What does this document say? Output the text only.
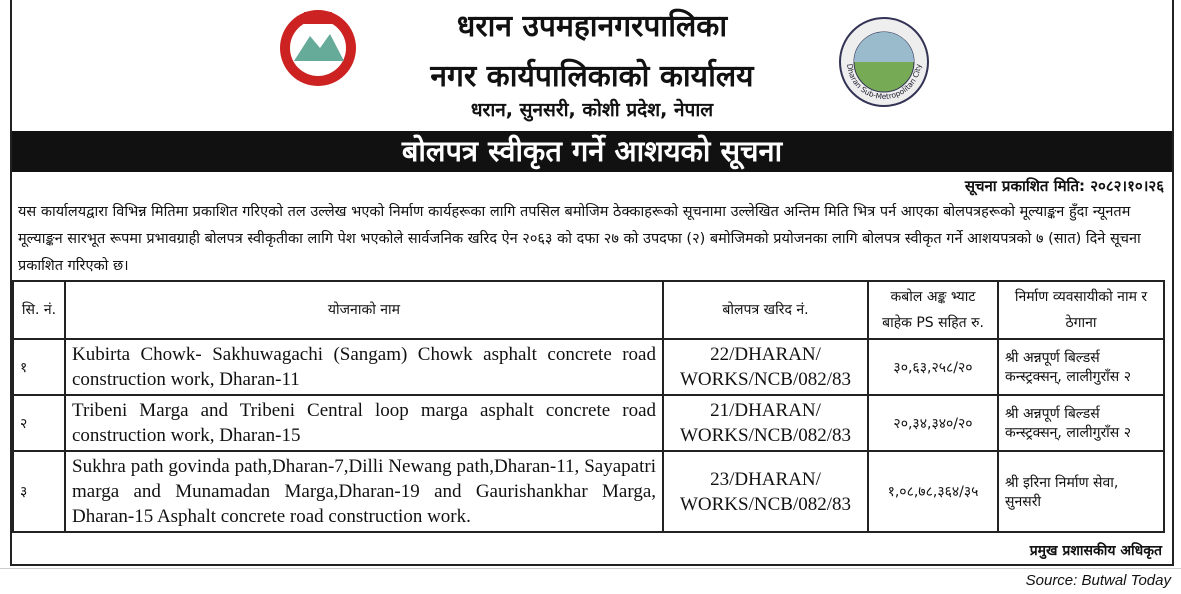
धरान उपमहानगरपालिका
नगर कार्यपालिकाको कार्यालय
धरान, सुनसरी, कोशी प्रदेश, नेपाल
Dharan Sub-Metropolitan City
बोलपत्र स्वीकृत गर्ने आशयको सूचना
सूचना प्रकाशित मिति: २०८२।१०।२६
यस कार्यालयद्वारा विभिन्न मितिमा प्रकाशित गरिएको तल उल्लेख भएको निर्माण कार्यहरूका लागि तपसिल बमोजिम ठेक्काहरूको सूचनामा उल्लेखित अन्तिम मिति भित्र पर्न आएका बोलपत्रहरूको मूल्याङ्कन हुँदा न्यूनतम मूल्याङ्कन सारभूत रूपमा प्रभावग्राही बोलपत्र स्वीकृतीका लागि पेश भएकोले सार्वजनिक खरिद ऐन २०६३ को दफा २७ को उपदफा (२) बमोजिमको प्रयोजनका लागि बोलपत्र स्वीकृत गर्ने आशयपत्रको ७ (सात) दिने सूचना प्रकाशित गरिएको छ।
सि. नं.	योजनाको नाम	बोलपत्र खरिद नं.	कबोल अङ्क भ्याट बाहेक PS सहित रु.	निर्माण व्यवसायीको नाम र ठेगाना
१	Kubirta Chowk- Sakhuwagachi (Sangam) Chowk asphalt concrete road construction work, Dharan-11	22/DHARAN/ WORKS/NCB/082/83	३०,६३,२५८/२०	श्री अन्नपूर्ण बिल्डर्स कन्स्ट्रक्सन्, लालीगुराँस २
२	Tribeni Marga and Tribeni Central loop marga asphalt concrete road construction work, Dharan-15	21/DHARAN/ WORKS/NCB/082/83	२०,३४,३४०/२०	श्री अन्नपूर्ण बिल्डर्स कन्स्ट्रक्सन्, लालीगुराँस २
३	Sukhra path govinda path,Dharan-7,Dilli Newang path,Dharan-11, Sayapatri marga and Munamadan Marga,Dharan-19 and Gaurishankhar Marga, Dharan-15 Asphalt concrete road construction work.	23/DHARAN/ WORKS/NCB/082/83	१,०८,७८,३६४/३५	श्री इरिना निर्माण सेवा, सुनसरी
प्रमुख प्रशासकीय अधिकृत
Source: Butwal Today
